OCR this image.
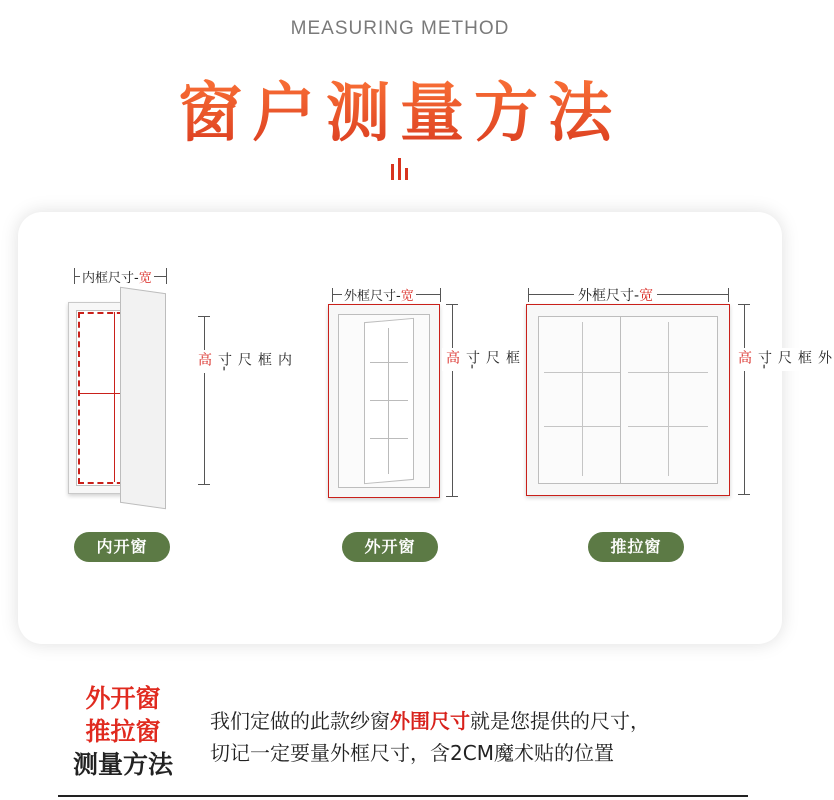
MEASURING METHOD
窗户测量方法
内框尺寸-宽
内框尺寸-高
内开窗
外框尺寸-宽
框尺寸-高
外开窗
外框尺寸-宽
外框尺寸-高
推拉窗
外开窗
推拉窗
测量方法
我们定做的此款纱窗外围尺寸就是您提供的尺寸，
切记一定要量外框尺寸，含2CM魔术贴的位置
